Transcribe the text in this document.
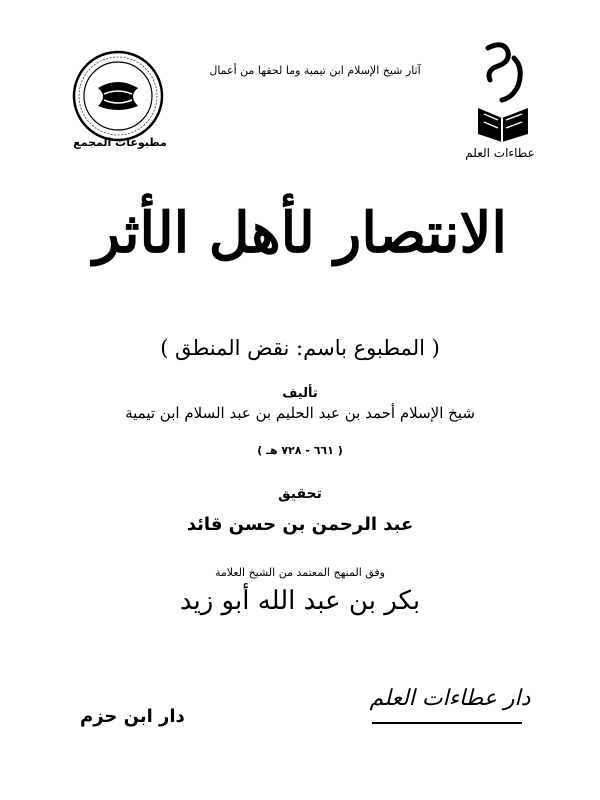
مطبوعات المجمع
آثار شيخ الإسلام ابن تيمية وما لحقها من أعمال
عطاءات العلم
الانتصار لأهل الأثر
( المطبوع باسم: نقض المنطق )
تأليف
شيخ الإسلام أحمد بن عبد الحليم بن عبد السلام ابن تيمية
( ٦٦١ - ٧٢٨ هـ )
تحقيق
عبد الرحمن بن حسن قائد
وفق المنهج المعتمد من الشيخ العلامة
بكر بن عبد الله أبو زيد
دار ابن حزم
دار عطاءات العلم
